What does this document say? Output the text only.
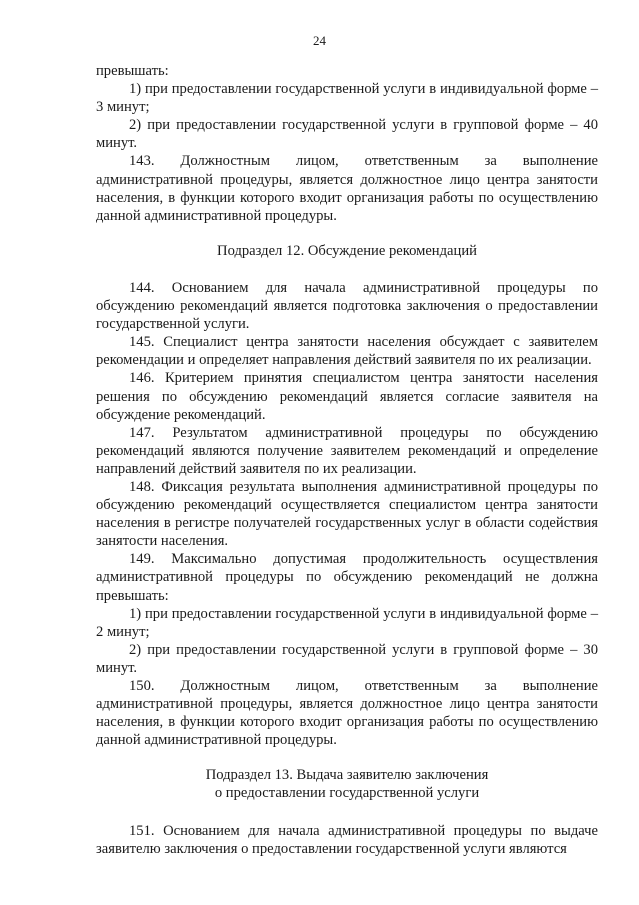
24

превышать:

1) при предоставлении государственной услуги в индивидуальной форме – 3 минут;

2) при предоставлении государственной услуги в групповой форме – 40 минут.

143. Должностным лицом, ответственным за выполнение административной процедуры, является должностное лицо центра занятости населения, в функции которого входит организация работы по осуществлению данной административной процедуры.

Подраздел 12. Обсуждение рекомендаций

144. Основанием для начала административной процедуры по обсуждению рекомендаций является подготовка заключения о предоставлении государственной услуги.

145. Специалист центра занятости населения обсуждает с заявителем рекомендации и определяет направления действий заявителя по их реализации.

146. Критерием принятия специалистом центра занятости населения решения по обсуждению рекомендаций является согласие заявителя на обсуждение рекомендаций.

147. Результатом административной процедуры по обсуждению рекомендаций являются получение заявителем рекомендаций и определение направлений действий заявителя по их реализации.

148. Фиксация результата выполнения административной процедуры по обсуждению рекомендаций осуществляется специалистом центра занятости населения в регистре получателей государственных услуг в области содействия занятости населения.

149. Максимально допустимая продолжительность осуществления административной процедуры по обсуждению рекомендаций не должна превышать:

1) при предоставлении государственной услуги в индивидуальной форме – 2 минут;

2) при предоставлении государственной услуги в групповой форме – 30 минут.

150. Должностным лицом, ответственным за выполнение административной процедуры, является должностное лицо центра занятости населения, в функции которого входит организация работы по осуществлению данной административной процедуры.

Подраздел 13. Выдача заявителю заключения

о предоставлении государственной услуги

151. Основанием для начала административной процедуры по выдаче заявителю заключения о предоставлении государственной услуги являются
